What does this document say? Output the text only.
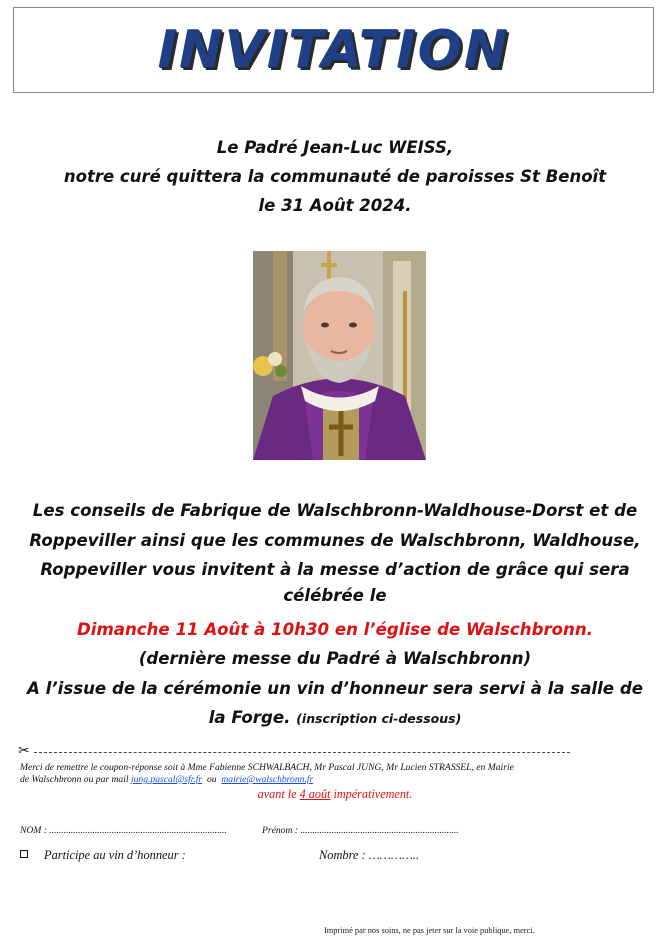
INVITATION
Le Padré Jean-Luc WEISS,
notre curé quittera la communauté de paroisses St Benoît
le 31 Août 2024.
Les conseils de Fabrique de Walschbronn-Waldhouse-Dorst et de
Roppeviller ainsi que les communes de Walschbronn, Waldhouse,
Roppeviller vous invitent à la messe d’action de grâce qui sera
célébrée le
Dimanche 11 Août à 10h30 en l’église de Walschbronn.
(dernière messe du Padré à Walschbronn)
A l’issue de la cérémonie un vin d’honneur sera servi à la salle de
la Forge. (inscription ci-dessous)
✂
Merci de remettre le coupon-réponse soit à Mme Fabienne SCHWALBACH, Mr Pascal JUNG, Mr Lucien STRASSEL, en Mairie
de Walschbronn ou par mail jung.pascal@sfr.fr ou mairie@walschbronn.fr
avant le 4 août impérativement.
NOM : ..........................................................................	Prénom : ..................................................................
Participe au vin d’honneur :	Nombre : …………..
Imprimé par nos soins, ne pas jeter sur la voie publique, merci.
